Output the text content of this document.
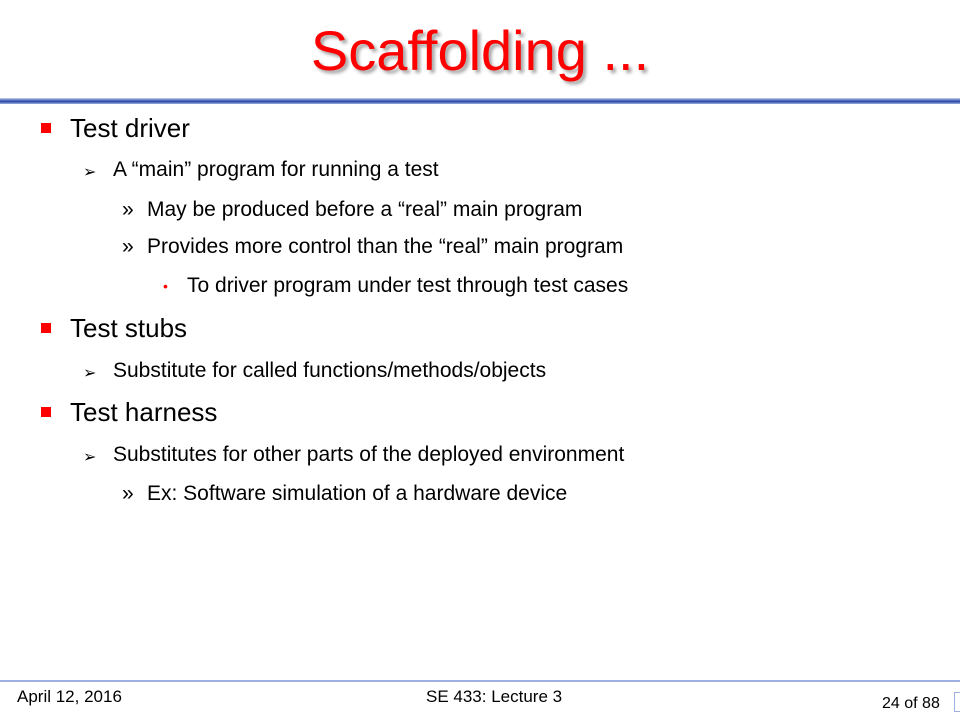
Scaffolding ...
Test driver
➢ A “main” program for running a test
» May be produced before a “real” main program
» Provides more control than the “real” main program
• To driver program under test through test cases
Test stubs
➢ Substitute for called functions/methods/objects
Test harness
➢ Substitutes for other parts of the deployed environment
» Ex: Software simulation of a hardware device
April 12, 2016	SE 433: Lecture 3	24 of 88
